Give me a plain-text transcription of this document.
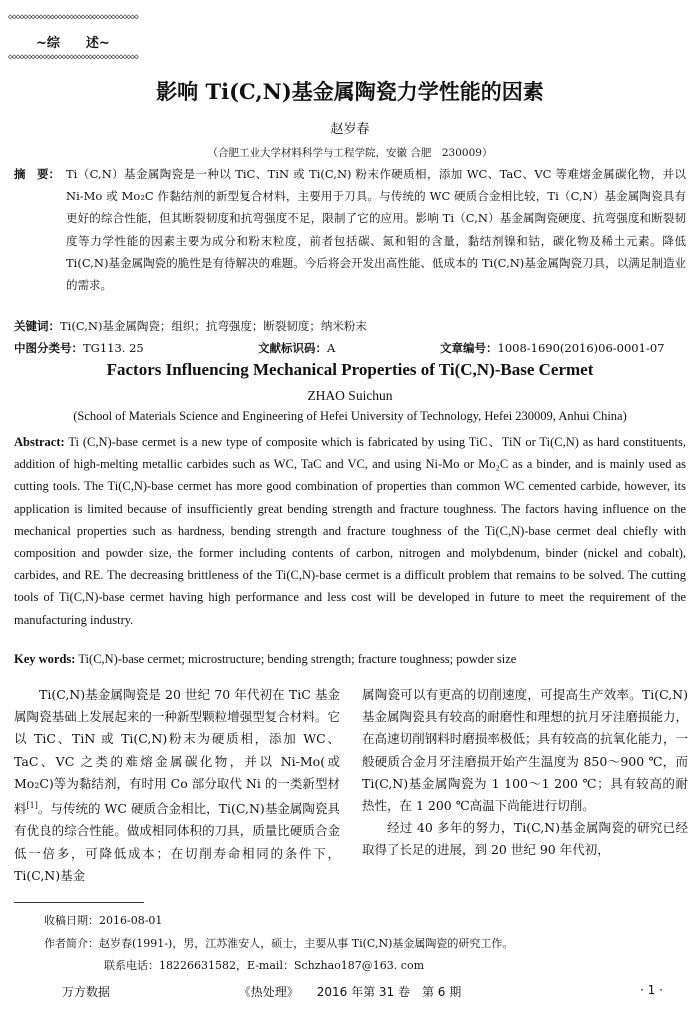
◇◇◇◇◇◇◇◇◇◇◇◇◇◇◇◇◇◇◇◇◇◇◇◇◇◇◇◇◇◇◇◇◇◇
~综　　述~
◇◇◇◇◇◇◇◇◇◇◇◇◇◇◇◇◇◇◇◇◇◇◇◇◇◇◇◇◇◇◇◇◇◇
影响 Ti(C,N)基金属陶瓷力学性能的因素
赵岁春
（合肥工业大学材料科学与工程学院，安徽 合肥　230009）
摘　要： Ti（C,N）基金属陶瓷是一种以 TiC、TiN 或 Ti(C,N) 粉末作硬质相，添加 WC、TaC、VC 等难熔金属碳化物，并以 Ni-Mo 或 Mo₂C 作黏结剂的新型复合材料，主要用于刀具。与传统的 WC 硬质合金相比较，Ti（C,N）基金属陶瓷具有更好的综合性能，但其断裂韧度和抗弯强度不足，限制了它的应用。影响 Ti（C,N）基金属陶瓷硬度、抗弯强度和断裂韧度等力学性能的因素主要为成分和粉末粒度，前者包括碳、氮和钼的含量，黏结剂镍和钴，碳化物及稀土元素。降低 Ti(C,N)基金属陶瓷的脆性是有待解决的难题。今后将会开发出高性能、低成本的 Ti(C,N)基金属陶瓷刀具，以满足制造业的需求。
关键词：Ti(C,N)基金属陶瓷；组织；抗弯强度；断裂韧度；纳米粉末
中图分类号：TG113. 25	文献标识码：A	文章编号：1008-1690(2016)06-0001-07
Factors Influencing Mechanical Properties of Ti(C,N)-Base Cermet
ZHAO Suichun
(School of Materials Science and Engineering of Hefei University of Technology, Hefei 230009, Anhui China)
Abstract: Ti (C,N)-base cermet is a new type of composite which is fabricated by using TiC、TiN or Ti(C,N) as hard constituents, addition of high-melting metallic carbides such as WC, TaC and VC, and using Ni-Mo or Mo₂C as a binder, and is mainly used as cutting tools. The Ti(C,N)-base cermet has more good combination of properties than common WC cemented carbide, however, its application is limited because of insufficiently great bending strength and fracture toughness. The factors having influence on the mechanical properties such as hardness, bending strength and fracture toughness of the Ti(C,N)-base cermet deal chiefly with composition and powder size, the former including contents of carbon, nitrogen and molybdenum, binder (nickel and cobalt), carbides, and RE. The decreasing brittleness of the Ti(C,N)-base cermet is a difficult problem that remains to be solved. The cutting tools of Ti(C,N)-base cermet having high performance and less cost will be developed in future to meet the requirement of the manufacturing industry.
Key words: Ti(C,N)-base cermet; microstructure; bending strength; fracture toughness; powder size

Ti(C,N)基金属陶瓷是 20 世纪 70 年代初在 TiC 基金属陶瓷基础上发展起来的一种新型颗粒增强型复合材料。它以 TiC、TiN 或 Ti(C,N)粉末为硬质相，添加 WC、TaC、VC 之类的难熔金属碳化物，并以 Ni-Mo(或 Mo₂C)等为黏结剂，有时用 Co 部分取代 Ni 的一类新型材料[1]。与传统的 WC 硬质合金相比，Ti(C,N)基金属陶瓷具有优良的综合性能。做成相同体积的刀具，质量比硬质合金低一倍多，可降低成本；在切削寿命相同的条件下，Ti(C,N)基金

属陶瓷可以有更高的切削速度，可提高生产效率。Ti(C,N)基金属陶瓷具有较高的耐磨性和理想的抗月牙洼磨损能力，在高速切削钢料时磨损率极低；具有较高的抗氧化能力，一般硬质合金月牙洼磨损开始产生温度为 850～900 ℃，而 Ti(C,N)基金属陶瓷为 1 100～1 200 ℃；具有较高的耐热性，在 1 200 ℃高温下尚能进行切削。

经过 40 多年的努力，Ti(C,N)基金属陶瓷的研究已经取得了长足的进展，到 20 世纪 90 年代初，

收稿日期：2016-08-01
作者简介：赵岁春(1991-)，男，江苏淮安人，硕士，主要从事 Ti(C,N)基金属陶瓷的研究工作。
联系电话：18226631582，E-mail：Schzhao187@163. com
万方数据	《热处理》　　2016 年第 31 卷　第 6 期	· 1 ·
